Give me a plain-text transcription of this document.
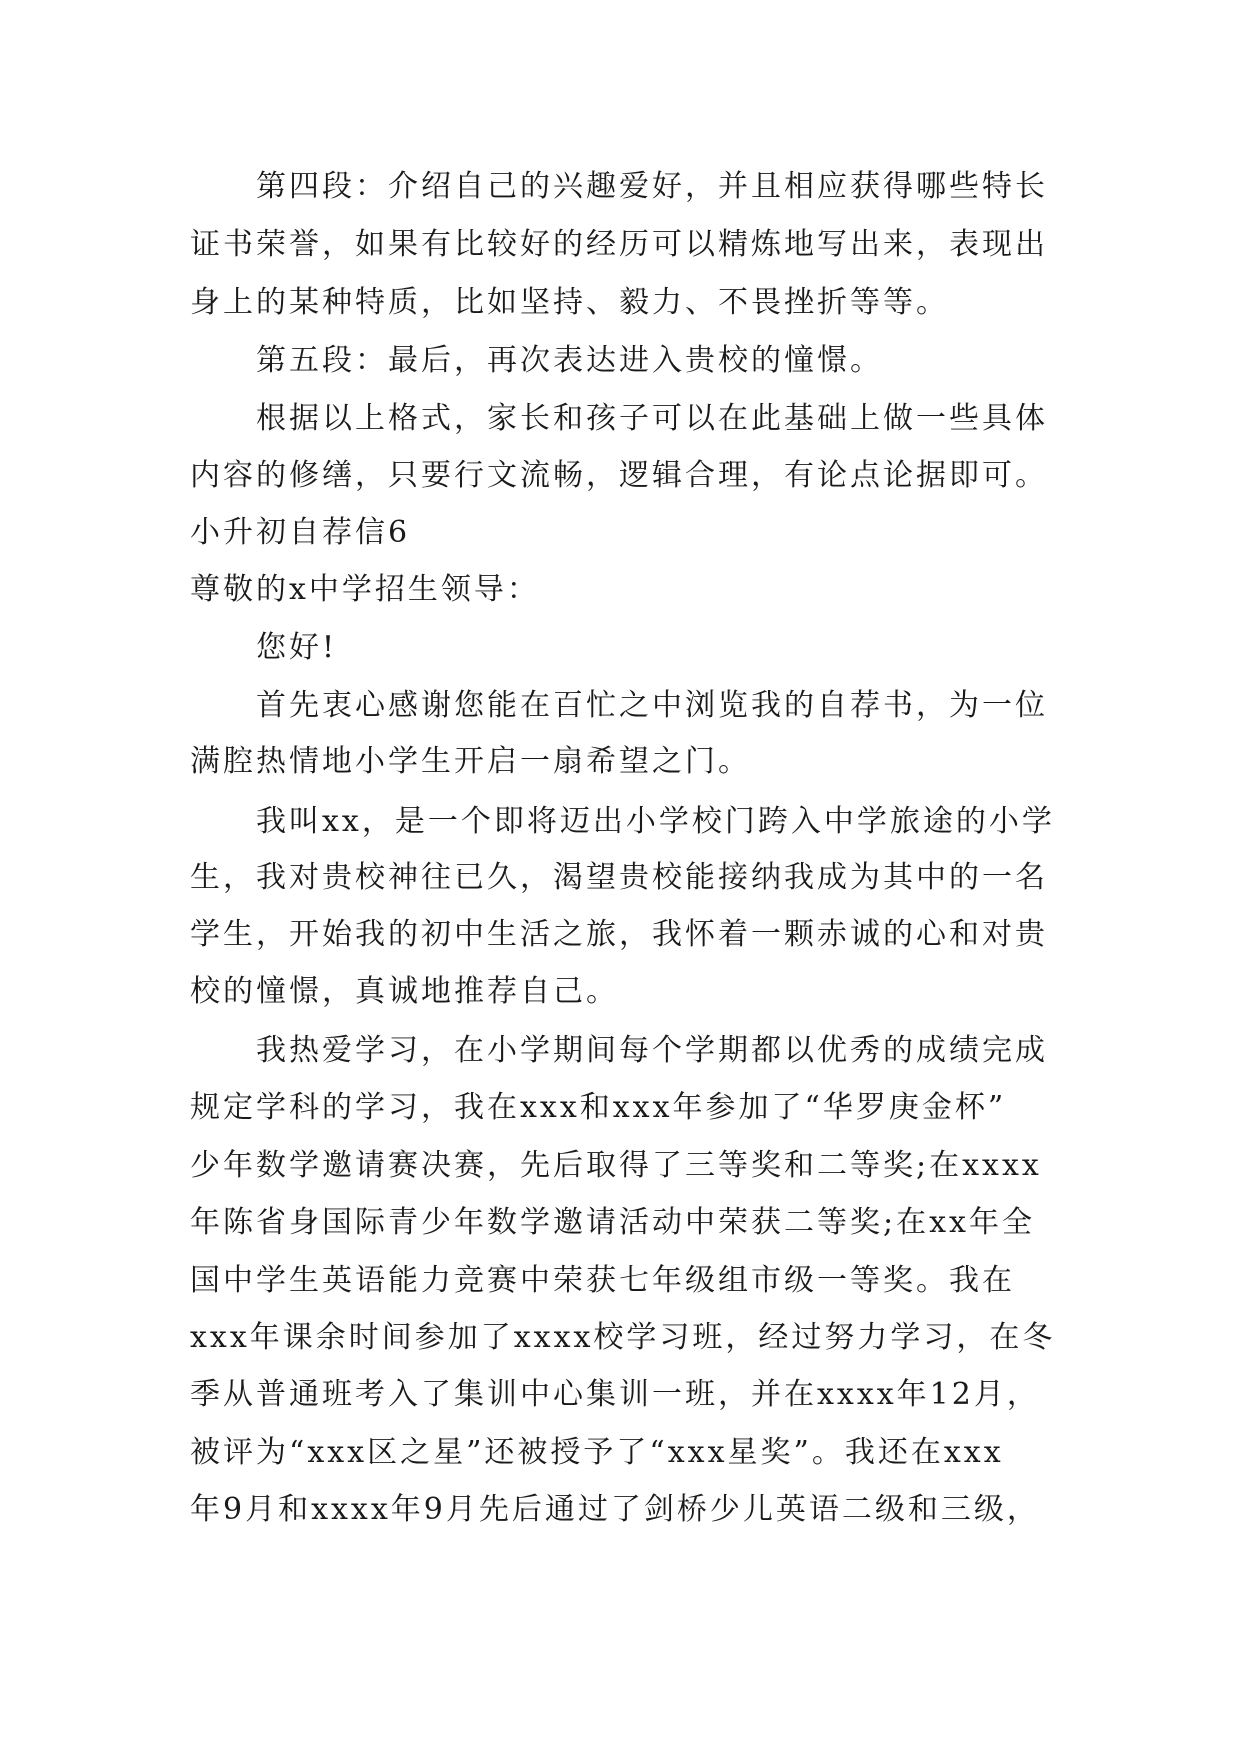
第四段：介绍自己的兴趣爱好，并且相应获得哪些特长
证书荣誉，如果有比较好的经历可以精炼地写出来，表现出
身上的某种特质，比如坚持、毅力、不畏挫折等等。
第五段：最后，再次表达进入贵校的憧憬。
根据以上格式，家长和孩子可以在此基础上做一些具体
内容的修缮，只要行文流畅，逻辑合理，有论点论据即可。
小升初自荐信6
尊敬的x中学招生领导：
您好!
首先衷心感谢您能在百忙之中浏览我的自荐书，为一位
满腔热情地小学生开启一扇希望之门。
我叫xx，是一个即将迈出小学校门跨入中学旅途的小学
生，我对贵校神往已久，渴望贵校能接纳我成为其中的一名
学生，开始我的初中生活之旅，我怀着一颗赤诚的心和对贵
校的憧憬，真诚地推荐自己。
我热爱学习，在小学期间每个学期都以优秀的成绩完成
规定学科的学习，我在xxx和xxx年参加了“华罗庚金杯”
少年数学邀请赛决赛，先后取得了三等奖和二等奖;在xxxx
年陈省身国际青少年数学邀请活动中荣获二等奖;在xx年全
国中学生英语能力竞赛中荣获七年级组市级一等奖。我在
xxx年课余时间参加了xxxx校学习班，经过努力学习，在冬
季从普通班考入了集训中心集训一班，并在xxxx年12月，
被评为“xxx区之星”还被授予了“xxx星奖”。我还在xxx
年9月和xxxx年9月先后通过了剑桥少儿英语二级和三级，
